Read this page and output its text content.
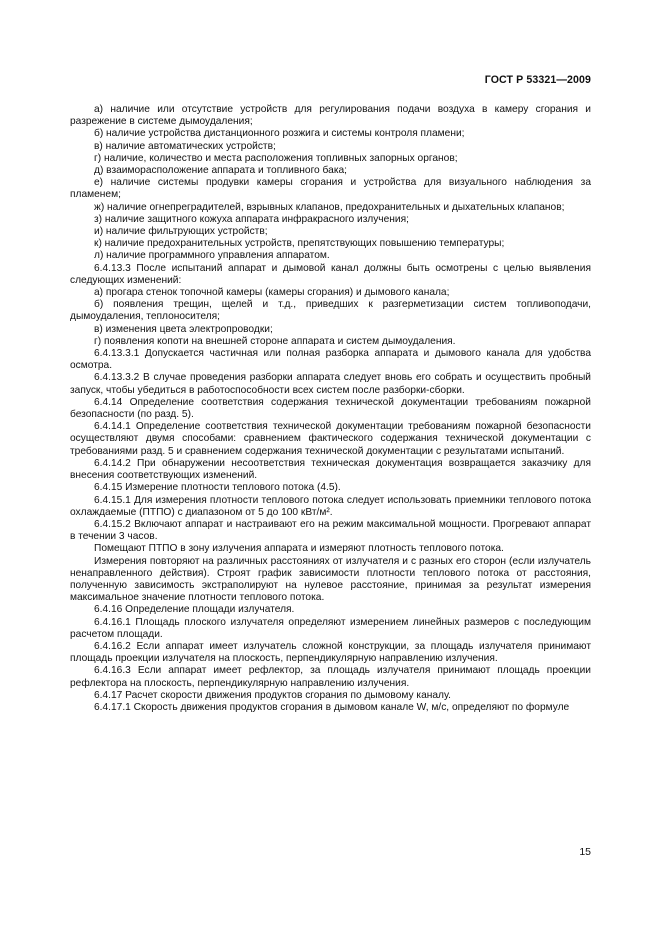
ГОСТ Р 53321—2009

а) наличие или отсутствие устройств для регулирования подачи воздуха в камеру сгорания и разрежение в системе дымоудаления;

б) наличие устройства дистанционного розжига и системы контроля пламени;

в) наличие автоматических устройств;

г) наличие, количество и места расположения топливных запорных органов;

д) взаиморасположение аппарата и топливного бака;

е) наличие системы продувки камеры сгорания и устройства для визуального наблюдения за пламенем;

ж) наличие огнепреградителей, взрывных клапанов, предохранительных и дыхательных клапанов;

з) наличие защитного кожуха аппарата инфракрасного излучения;

и) наличие фильтрующих устройств;

к) наличие предохранительных устройств, препятствующих повышению температуры;

л) наличие программного управления аппаратом.

6.4.13.3 После испытаний аппарат и дымовой канал должны быть осмотрены с целью выявления следующих изменений:

а) прогара стенок топочной камеры (камеры сгорания) и дымового канала;

б) появления трещин, щелей и т.д., приведших к разгерметизации систем топливоподачи, дымоудаления, теплоносителя;

в) изменения цвета электропроводки;

г) появления копоти на внешней стороне аппарата и систем дымоудаления.

6.4.13.3.1 Допускается частичная или полная разборка аппарата и дымового канала для удобства осмотра.

6.4.13.3.2 В случае проведения разборки аппарата следует вновь его собрать и осуществить пробный запуск, чтобы убедиться в работоспособности всех систем после разборки-сборки.

6.4.14 Определение соответствия содержания технической документации требованиям пожарной безопасности (по разд. 5).

6.4.14.1 Определение соответствия технической документации требованиям пожарной безопасности осуществляют двумя способами: сравнением фактического содержания технической документации с требованиями разд. 5 и сравнением содержания технической документации с результатами испытаний.

6.4.14.2 При обнаружении несоответствия техническая документация возвращается заказчику для внесения соответствующих изменений.

6.4.15 Измерение плотности теплового потока (4.5).

6.4.15.1 Для измерения плотности теплового потока следует использовать приемники теплового потока охлаждаемые (ПТПО) с диапазоном от 5 до 100 кВт/м².

6.4.15.2 Включают аппарат и настраивают его на режим максимальной мощности. Прогревают аппарат в течении 3 часов.

Помещают ПТПО в зону излучения аппарата и измеряют плотность теплового потока.

Измерения повторяют на различных расстояниях от излучателя и с разных его сторон (если излучатель ненаправленного действия). Строят график зависимости плотности теплового потока от расстояния, полученную зависимость экстраполируют на нулевое расстояние, принимая за результат измерения максимальное значение плотности теплового потока.

6.4.16 Определение площади излучателя.

6.4.16.1 Площадь плоского излучателя определяют измерением линейных размеров с последующим расчетом площади.

6.4.16.2 Если аппарат имеет излучатель сложной конструкции, за площадь излучателя принимают площадь проекции излучателя на плоскость, перпендикулярную направлению излучения.

6.4.16.3 Если аппарат имеет рефлектор, за площадь излучателя принимают площадь проекции рефлектора на плоскость, перпендикулярную направлению излучения.

6.4.17 Расчет скорости движения продуктов сгорания по дымовому каналу.

6.4.17.1 Скорость движения продуктов сгорания в дымовом канале W, м/с, определяют по формуле

15
